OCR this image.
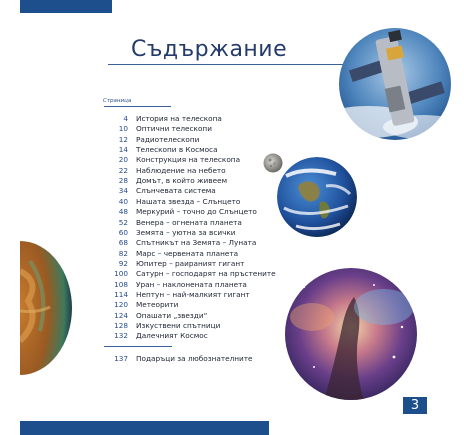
Съдържание
Страница
4 История на телескопа
10 Оптични телескопи
12 Радиотелескопи
14 Телескопи в Космоса
20 Конструкция на телескопа
22 Наблюдение на небето
28 Домът, в който живеем
34 Слънчевата система
40 Нашата звезда – Слънцето
48 Меркурий – точно до Слънцето
52 Венера – огнената планета
60 Земята – уютна за всички
68 Спътникът на Земята – Луната
82 Марс – червената планета
92 Юпитер – раираният гигант
100 Сатурн – господарят на пръстените
108 Уран – наклонената планета
114 Нептун – най-малкият гигант
120 Метеорити
124 Опашати „звезди“
128 Изкуствени спътници
132 Далечният Космос
137 Подаръци за любознателните
3
